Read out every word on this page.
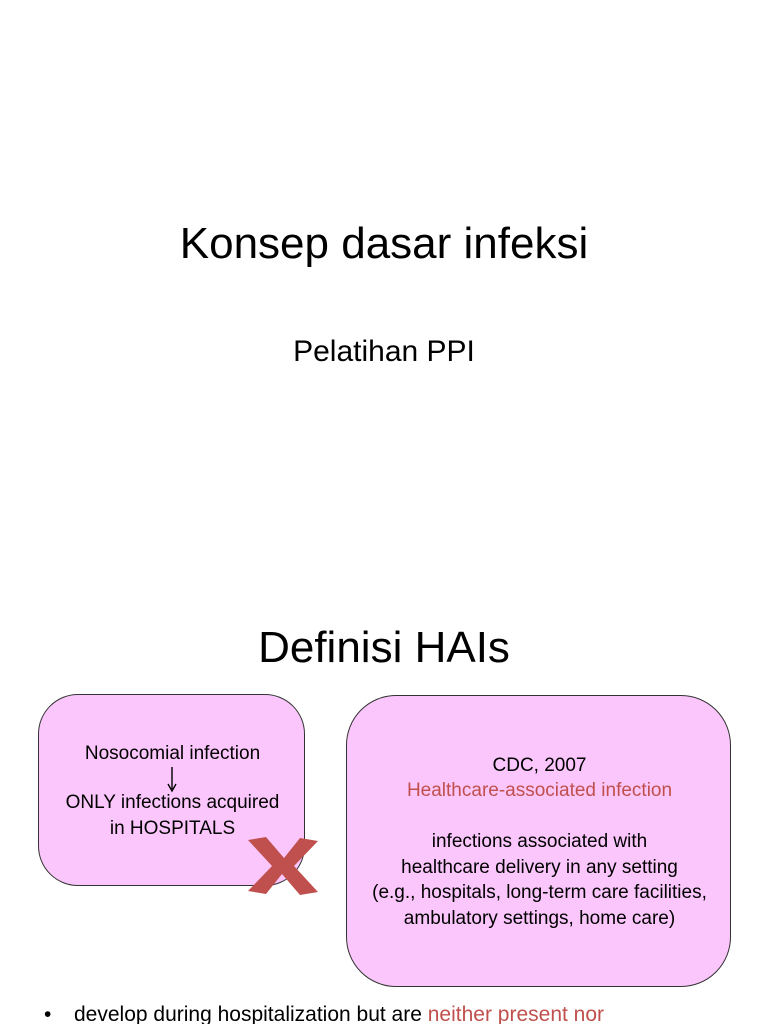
Konsep dasar infeksi
Pelatihan PPI
Definisi HAIs
Nosocomial infection
ONLY infections acquired
in HOSPITALS
CDC, 2007
Healthcare-associated infection
infections associated with
healthcare delivery in any setting
(e.g., hospitals, long-term care facilities,
ambulatory settings, home care)
• develop during hospitalization but are neither present nor
